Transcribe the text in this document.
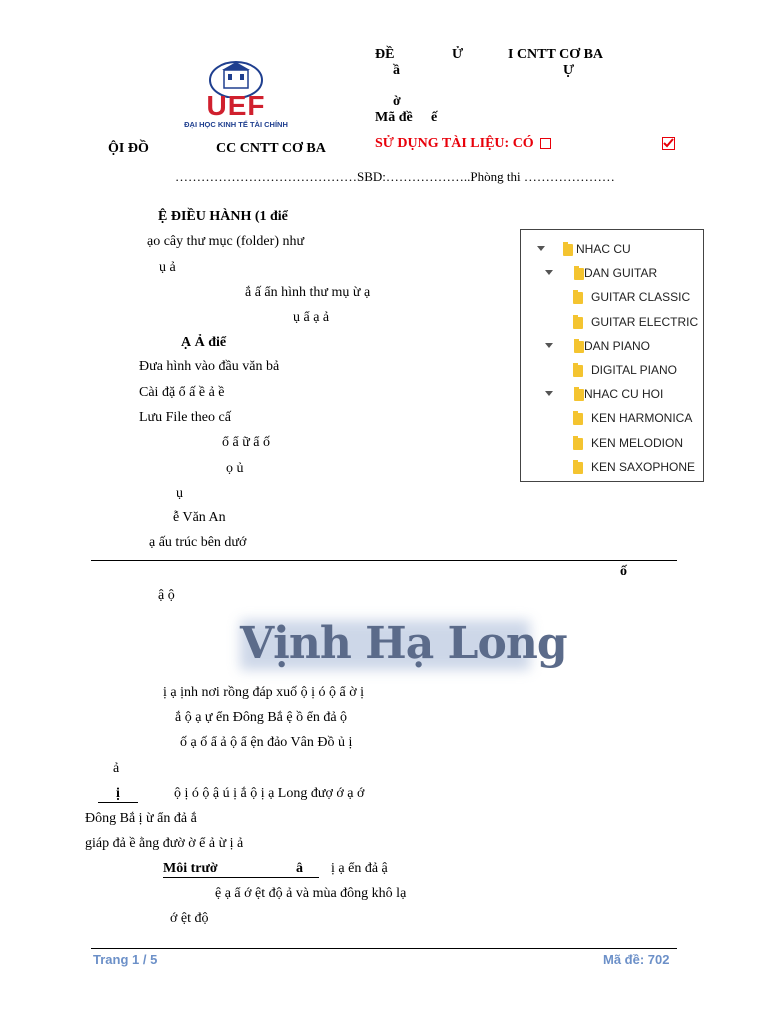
UEF
ĐẠI HỌC KINH TẾ TÀI CHÍNH
ĐỀ	Ử	I CNTT CƠ BA
ầ	Ự
ờ
Mã đề ế
ỘI ĐỒ	CC CNTT CƠ BA	SỬ DỤNG TÀI LIỆU: CÓ
……………………………………SBD:………………..Phòng thi …………………
Ệ ĐIỀU HÀNH (1 điể
ạo cây thư mục (folder) như
ụ ả
ắ ấ ẩn hình thư mụ ừ ạ
ụ ẩ ạ ả
Ạ Ả điể
Đưa hình vào đầu văn bả
Cài đặ ổ ấ ề ả ề
Lưu File theo cấ
ổ ẩ ữ ẩ ố
ọ ủ
ụ
ễ Văn An
ạ ấu trúc bên dướ
NHAC CU
DAN GUITAR
GUITAR CLASSIC
GUITAR ELECTRIC
DAN PIANO
DIGITAL PIANO
NHAC CU HOI
KEN HARMONICA
KEN MELODION
KEN SAXOPHONE
ố
ậ ộ
Vịnh Hạ Long
ị ạ ịnh nơi rồng đáp xuố ộ ị ó ộ ẩ ờ ị
ắ ộ ạ ự ển Đông Bắ ệ ồ ển đả ộ
ố ạ ố ẩ ả ộ ẩ ện đảo Vân Đồ ủ ị
ả
ị	ộ ị ó ộ ậ ú ị ắ ộ ị ạ Long đượ ớ ạ ớ
Đông Bắ ị ừ ẩn đả ắ
giáp đả ề ằng đườ ờ ể ả ừ ị ả
Môi trườ	â ị ạ ển đả ậ
ệ ạ ẩ ớ ệt độ ả và mùa đông khô lạ
ớ ệt độ
Trang 1 / 5	Mã đề: 702
